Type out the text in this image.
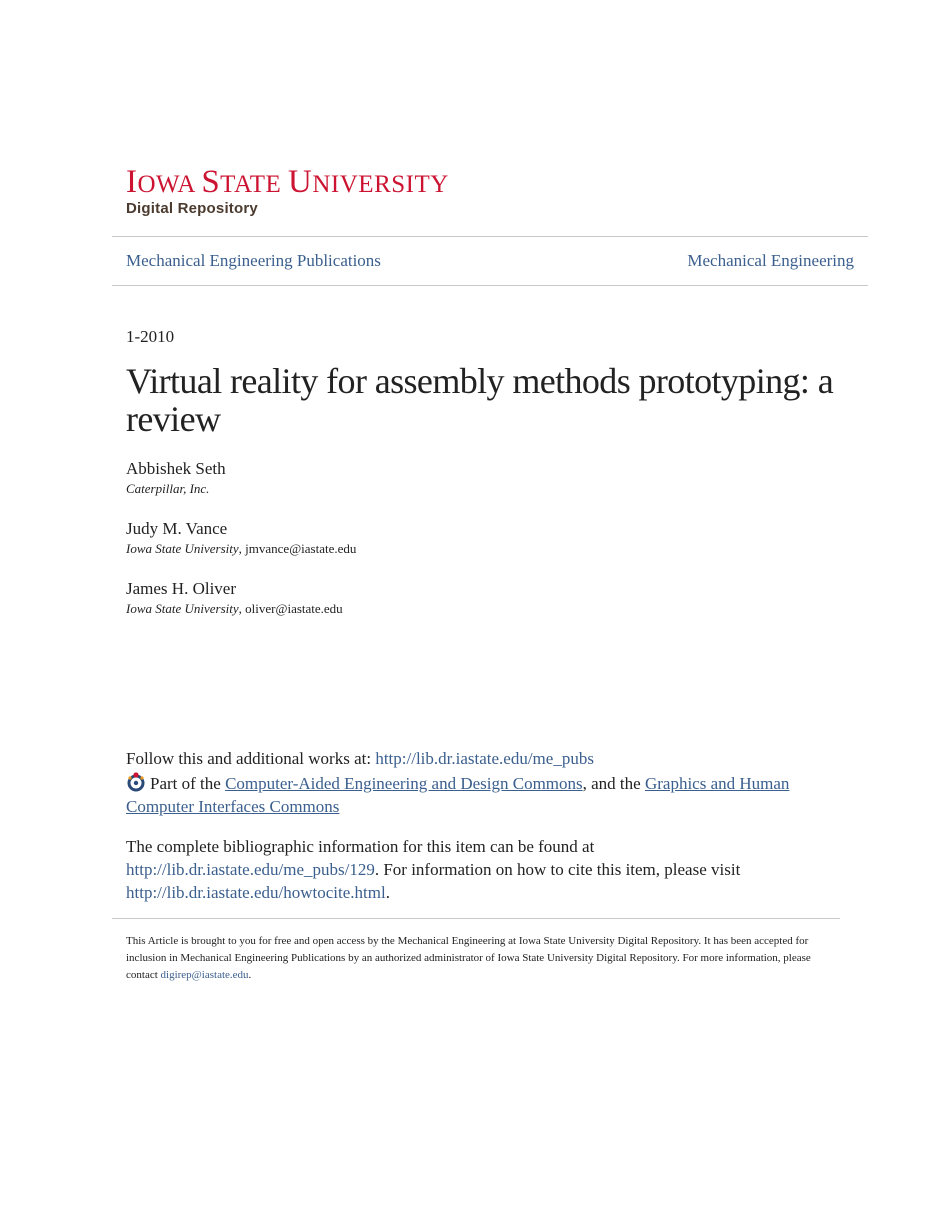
IOWA STATE UNIVERSITY
Digital Repository
Mechanical Engineering Publications	Mechanical Engineering
1-2010
Virtual reality for assembly methods prototyping: a review
Abbishek Seth
Caterpillar, Inc.
Judy M. Vance
Iowa State University, jmvance@iastate.edu
James H. Oliver
Iowa State University, oliver@iastate.edu
Follow this and additional works at: http://lib.dr.iastate.edu/me_pubs
Part of the Computer-Aided Engineering and Design Commons, and the Graphics and Human Computer Interfaces Commons
The complete bibliographic information for this item can be found at http://lib.dr.iastate.edu/me_pubs/129. For information on how to cite this item, please visit http://lib.dr.iastate.edu/howtocite.html.
This Article is brought to you for free and open access by the Mechanical Engineering at Iowa State University Digital Repository. It has been accepted for inclusion in Mechanical Engineering Publications by an authorized administrator of Iowa State University Digital Repository. For more information, please contact digirep@iastate.edu.
